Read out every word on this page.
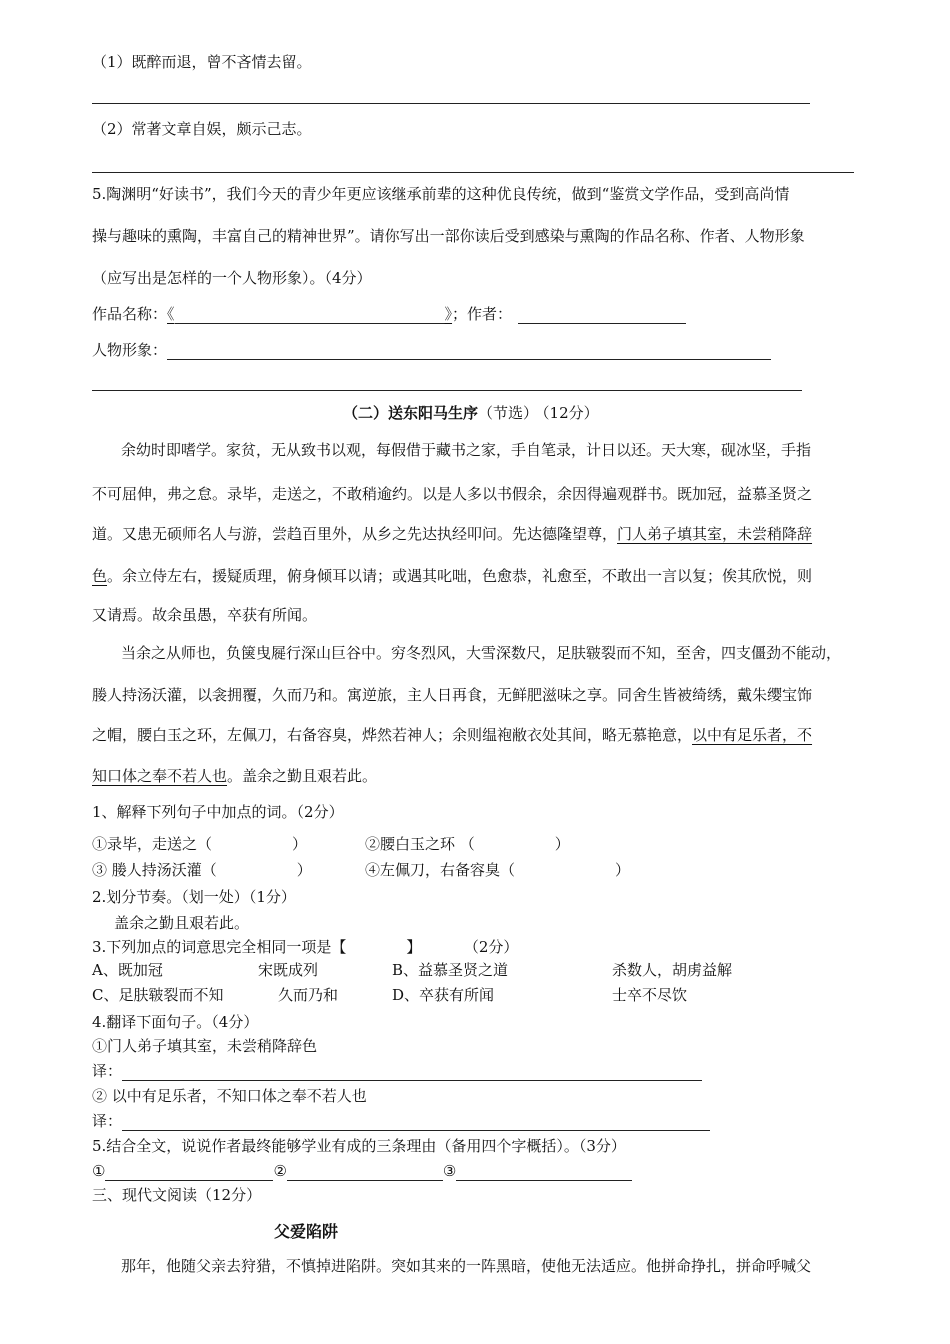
（1）既醉而退，曾不吝情去留。
（2）常著文章自娱，颇示己志。
5.陶渊明“好读书”，我们今天的青少年更应该继承前辈的这种优良传统，做到“鉴赏文学作品，受到高尚情
操与趣味的熏陶，丰富自己的精神世界”。请你写出一部你读后受到感染与熏陶的作品名称、作者、人物形象
（应写出是怎样的一个人物形象）。（4分）
作品名称：《	》；作者：
人物形象：
（二）送东阳马生序（节选） （12分）
余幼时即嗜学。家贫，无从致书以观，每假借于藏书之家，手自笔录，计日以还。天大寒，砚冰坚，手指
不可屈伸，弗之怠。录毕，走送之，不敢稍逾约。以是人多以书假余，余因得遍观群书。既加冠，益慕圣贤之
道。又患无硕师名人与游，尝趋百里外，从乡之先达执经叩问。先达德隆望尊，门人弟子填其室，未尝稍降辞
色。余立侍左右，援疑质理，俯身倾耳以请；或遇其叱咄，色愈恭，礼愈至，不敢出一言以复；俟其欣悦，则
又请焉。故余虽愚，卒获有所闻。
当余之从师也，负箧曳屣行深山巨谷中。穷冬烈风，大雪深数尺，足肤皲裂而不知，至舍，四支僵劲不能动，
媵人持汤沃灌，以衾拥覆，久而乃和。寓逆旅，主人日再食，无鲜肥滋味之享。同舍生皆被绮绣，戴朱缨宝饰
之帽，腰白玉之环，左佩刀，右备容臭，烨然若神人；余则缊袍敝衣处其间，略无慕艳意，以中有足乐者，不
知口体之奉不若人也。盖余之勤且艰若此。
1、解释下列句子中加点的词。（2分）
①录毕，走送之（	）	②腰白玉之环 （	）
③ 媵人持汤沃灌（	）	④左佩刀，右备容臭（	）
2.划分节奏。（划一处）（1分）
盖余之勤且艰若此。
3.下列加点的词意思完全相同一项是【	】	（2分）
A、既加冠	宋既成列	B、益慕圣贤之道	杀数人，胡虏益解
C、足肤皲裂而不知	久而乃和	D、卒获有所闻	士卒不尽饮
4.翻译下面句子。（4分）
①门人弟子填其室，未尝稍降辞色
译：
② 以中有足乐者，不知口体之奉不若人也
译：
5.结合全文，说说作者最终能够学业有成的三条理由（备用四个字概括）。（3分）
①	②	③
三、现代文阅读（12分）
父爱陷阱
那年，他随父亲去狩猎，不慎掉进陷阱。突如其来的一阵黑暗，使他无法适应。他拼命挣扎，拼命呼喊父
